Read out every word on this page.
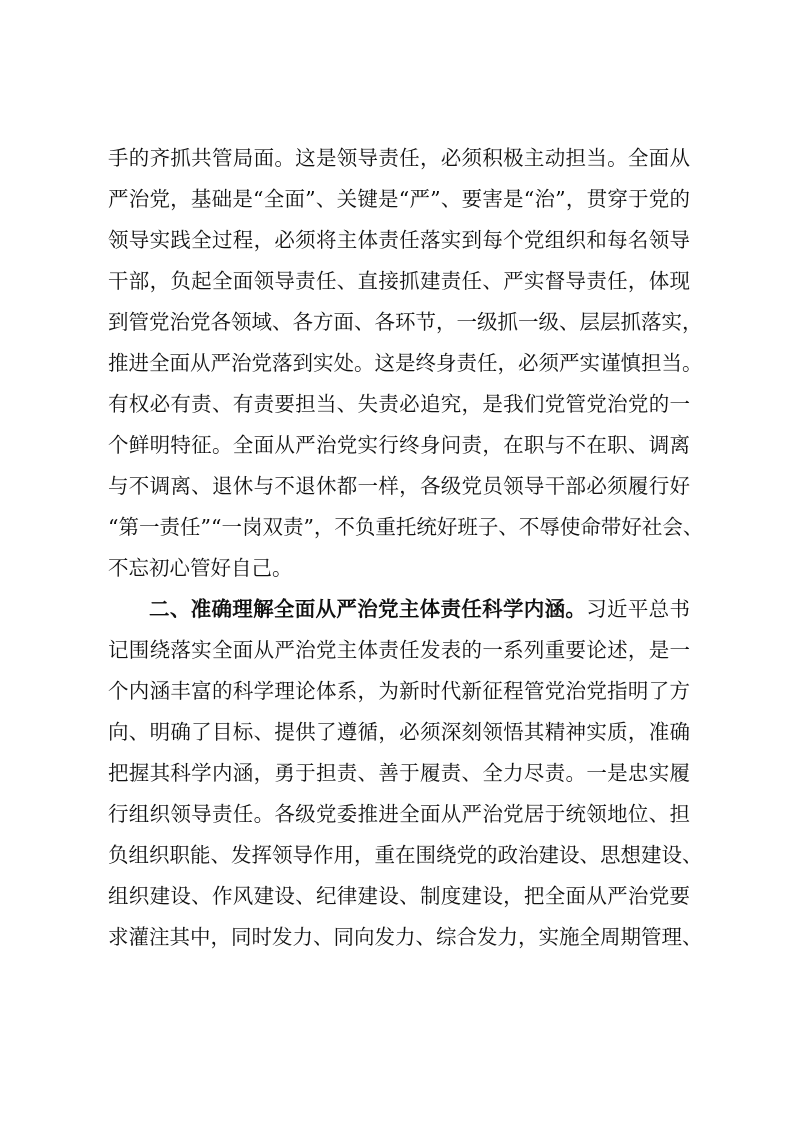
手的齐抓共管局面。这是领导责任，必须积极主动担当。全面从
严治党，基础是“全面”、关键是“严”、要害是“治”，贯穿于党的
领导实践全过程，必须将主体责任落实到每个党组织和每名领导
干部，负起全面领导责任、直接抓建责任、严实督导责任，体现
到管党治党各领域、各方面、各环节，一级抓一级、层层抓落实，
推进全面从严治党落到实处。这是终身责任，必须严实谨慎担当。
有权必有责、有责要担当、失责必追究，是我们党管党治党的一
个鲜明特征。全面从严治党实行终身问责，在职与不在职、调离
与不调离、退休与不退休都一样，各级党员领导干部必须履行好
“第一责任”“一岗双责”，不负重托统好班子、不辱使命带好社会、
不忘初心管好自己。
二、准确理解全面从严治党主体责任科学内涵。习近平总书
记围绕落实全面从严治党主体责任发表的一系列重要论述，是一
个内涵丰富的科学理论体系，为新时代新征程管党治党指明了方
向、明确了目标、提供了遵循，必须深刻领悟其精神实质，准确
把握其科学内涵，勇于担责、善于履责、全力尽责。一是忠实履
行组织领导责任。各级党委推进全面从严治党居于统领地位、担
负组织职能、发挥领导作用，重在围绕党的政治建设、思想建设、
组织建设、作风建设、纪律建设、制度建设，把全面从严治党要
求灌注其中，同时发力、同向发力、综合发力，实施全周期管理、
